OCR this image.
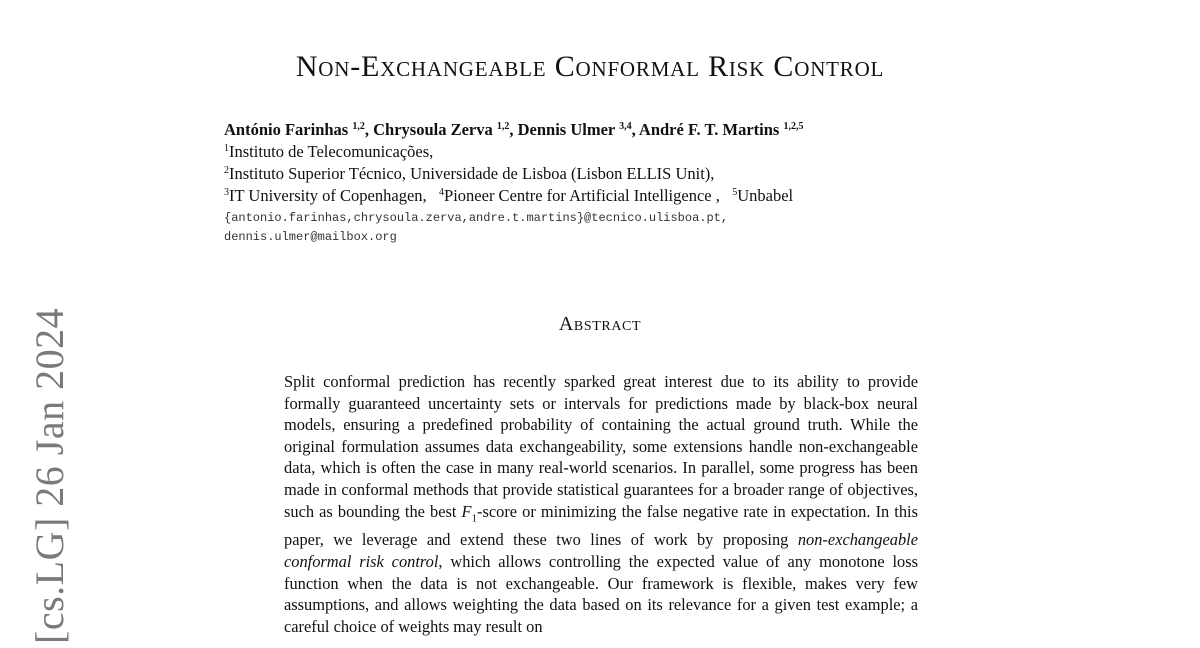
Non-Exchangeable Conformal Risk Control
António Farinhas $^{1,2}$, Chrysoula Zerva $^{1,2}$, Dennis Ulmer $^{3,4}$, André F. T. Martins $^{1,2,5}$
$^1$Instituto de Telecomunicações,
$^2$Instituto Superior Técnico, Universidade de Lisboa (Lisbon ELLIS Unit),
$^3$IT University of Copenhagen, $^4$Pioneer Centre for Artificial Intelligence , $^5$Unbabel
{antonio.farinhas,chrysoula.zerva,andre.t.martins}@tecnico.ulisboa.pt,
dennis.ulmer@mailbox.org
[cs.LG] 26 Jan 2024	Abstract

Split conformal prediction has recently sparked great interest due to its ability to provide formally guaranteed uncertainty sets or intervals for predictions made by black-box neural models, ensuring a predefined probability of containing the actual ground truth. While the original formulation assumes data exchangeability, some extensions handle non-exchangeable data, which is often the case in many real-world scenarios. In parallel, some progress has been made in conformal methods that provide statistical guarantees for a broader range of objectives, such as bounding the best $F_1$-score or minimizing the false negative rate in expectation. In this paper, we leverage and extend these two lines of work by proposing non-exchangeable conformal risk control, which allows controlling the expected value of any monotone loss function when the data is not exchangeable. Our framework is flexible, makes very few assumptions, and allows weighting the data based on its relevance for a given test example; a careful choice of weights may result on
